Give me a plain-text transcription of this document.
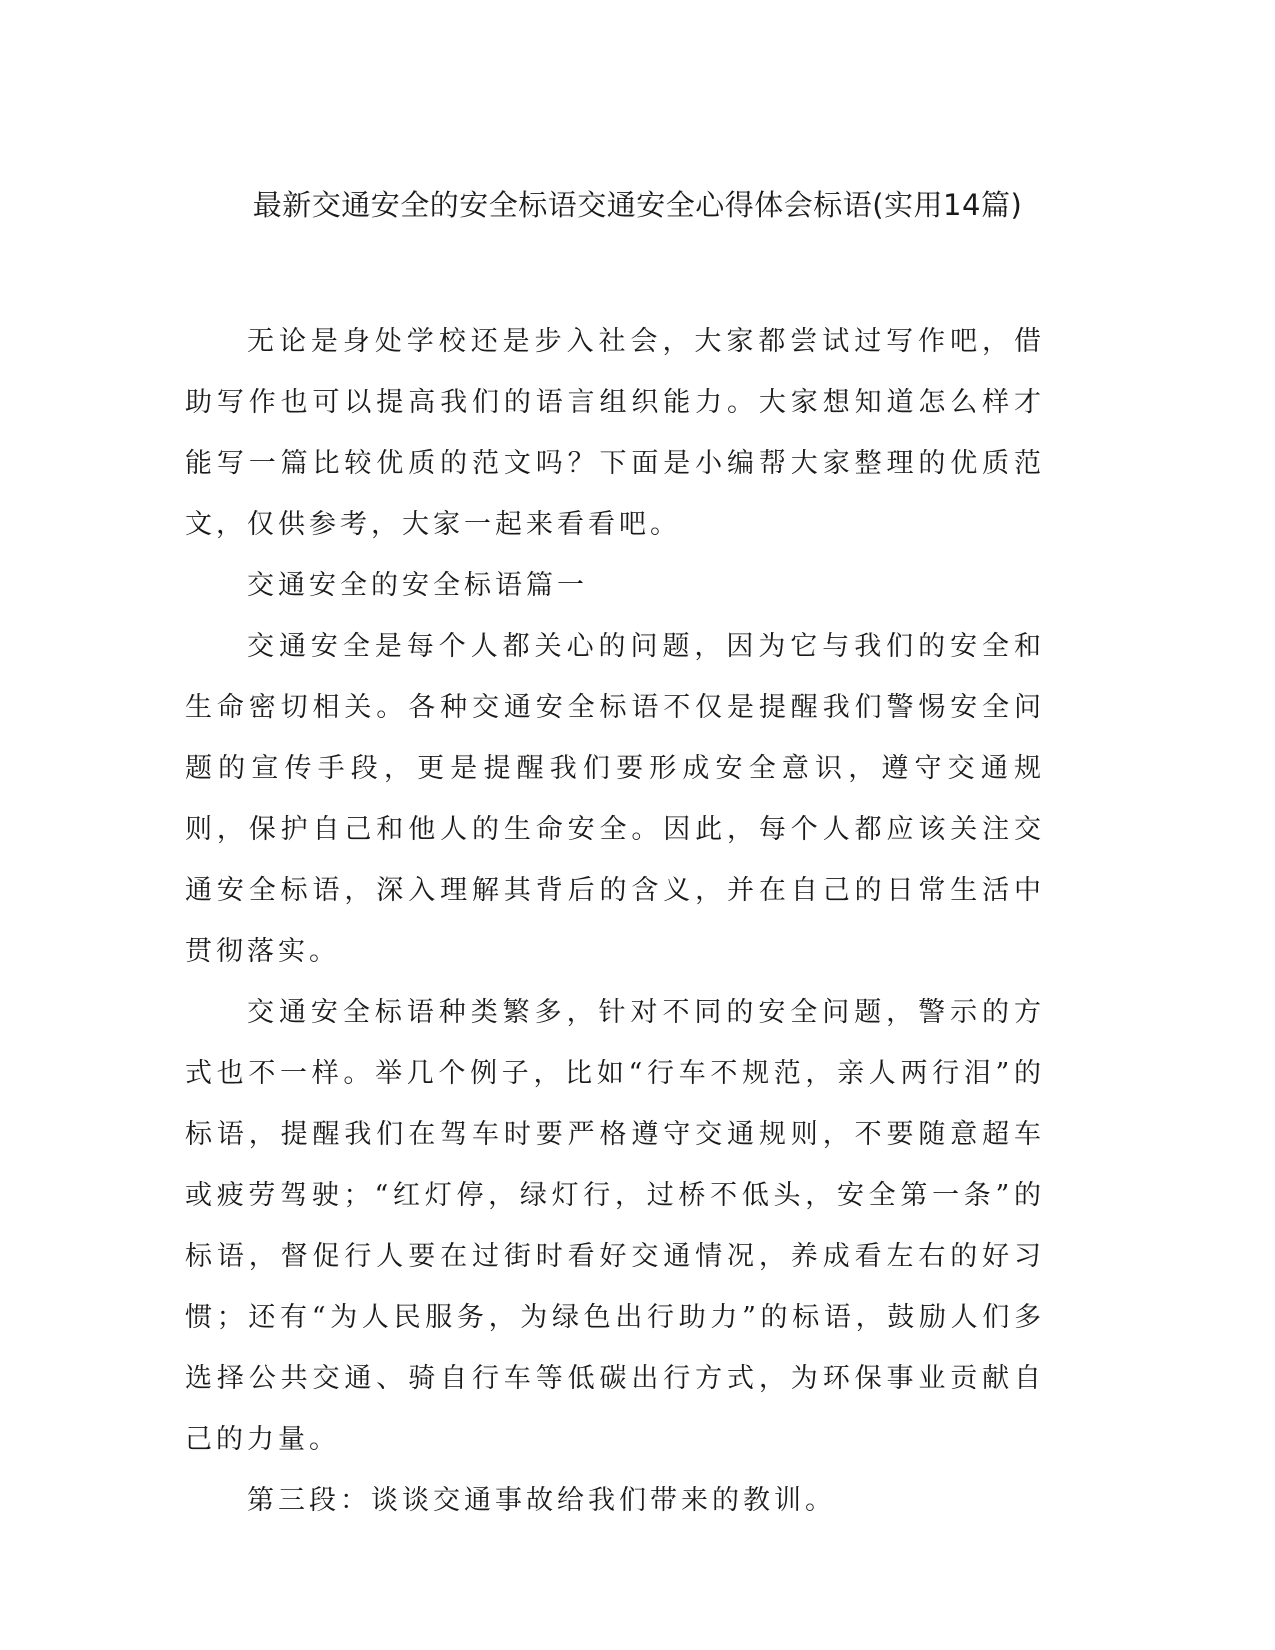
最新交通安全的安全标语交通安全心得体会标语(实用14篇)

无论是身处学校还是步入社会，大家都尝试过写作吧，借助写作也可以提高我们的语言组织能力。大家想知道怎么样才能写一篇比较优质的范文吗？下面是小编帮大家整理的优质范文，仅供参考，大家一起来看看吧。

交通安全的安全标语篇一

交通安全是每个人都关心的问题，因为它与我们的安全和生命密切相关。各种交通安全标语不仅是提醒我们警惕安全问题的宣传手段，更是提醒我们要形成安全意识，遵守交通规则，保护自己和他人的生命安全。因此，每个人都应该关注交通安全标语，深入理解其背后的含义，并在自己的日常生活中贯彻落实。

交通安全标语种类繁多，针对不同的安全问题，警示的方式也不一样。举几个例子，比如“行车不规范，亲人两行泪”的标语，提醒我们在驾车时要严格遵守交通规则，不要随意超车或疲劳驾驶；“红灯停，绿灯行，过桥不低头，安全第一条”的标语，督促行人要在过街时看好交通情况，养成看左右的好习惯；还有“为人民服务，为绿色出行助力”的标语，鼓励人们多选择公共交通、骑自行车等低碳出行方式，为环保事业贡献自己的力量。

第三段：谈谈交通事故给我们带来的教训。
